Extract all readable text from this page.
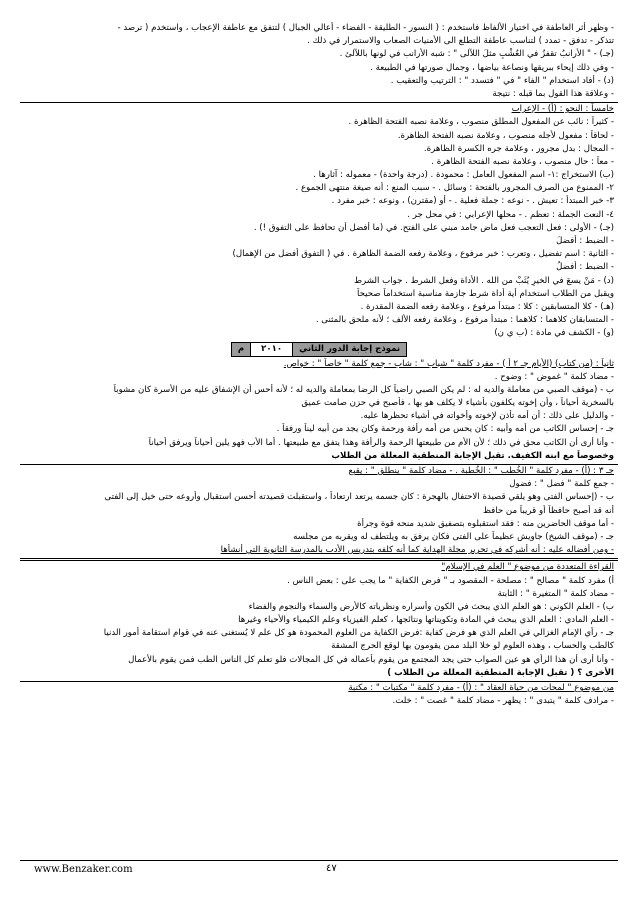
- وظهر أثر العاطفة في اختيار الألفاظ فاستخدم : ( النسور - الطليقة - الفضاء - أعالي الجبال ) لتتفق مع عاطفة الإعجاب ، واستخدم ( ترصد -
تتذكر - تدفق - تمدد ) لتناسب عاطفة التطلع الى الأمنيات الصعاب والاستمرار في ذلك .
(جـ) - " الأرانبُ تقفزُ في العُشْبِ مثلَ اللآلى " : شبه الأرانب في لونها باللآلئ .
- وفي ذلك إيحاء ببريقها ونصاعة بياضها ، وجمال صورتها في الطبيعة .
(د) - أفاد استخدام " الفاء " في " فتسدد " : الترتيب والتعقيب .
- وعلاقة هذا القول بما قبله : نتيجة
خامساً : النحو : (أ) - الإعراب
- كثيراً : نائب عن المفعول المطلق منصوب ، وعلامة نصبه الفتحة الظاهرة .
- لحاقاً : مفعول لأجله منصوب ، وعلامة نصبه الفتحة الظاهرة.
- المجال : بدل مجرور ، وعلامة جره الكسرة الظاهرة.
- معاً : حال منصوب ، وعلامة نصبه الفتحة الظاهرة .
(ب) الاستخراج :١- اسم المفعول العامل : محمودة . (درجة واحدة) - معموله : آثارها .
٢- الممنوع من الصرف المجرور بالفتحة : وسائل . - سبب المنع : أنه صيغة منتهى الجموع .
٣- خبر المبتدأ : تعيش . - نوعه : جملة فعلية . - أو (مقترن) ، ونوعه : خبر مفرد .
٤- النعت الجملة : تعظم . - محلها الإعرابي : في محل جر .
(جـ) - الأولى : فعل التعجب فعل ماض جامد مبني على الفتح. في (ما أفضل أن تحافظ على التفوق !) .
- الضبط : أفضلَ
- الثانية : اسم تفضيل ، وتعرب : خبر مرفوع ، وعلامة رفعه الضمة الظاهرة . في ( التفوق أفضل من الإهمال)
- الضبط : أفضلُ
(د) - مَنْ يسعَ في الخيرِ يُثَبْ من الله . الأداة وفعل الشرط . جواب الشرط
ويقبل من الطلاب استخدام أية أداة شرط جازمة مناسبة استخداماً صحيحاً
(هـ) - كلا المتسابقين : كلا : مبتدأ مرفوع ، وعلامة رفعه الضمة المقدرة .
- المتسابقان كلاهما : كلاهما : مبتدأ مرفوع ، وعلامة رفعه الألف ؛ لأنه ملحق بالمثنى .
(و) - الكشف في مادة : (ب ي ن)
نموذج إجابة الدور الثاني
٢٠١٠
م
ثانياً : (من كتاب) (الأيام جـ ٢ أ ) - مفرد كلمة " شباب " : شاب - جمع كلمة " خاصاً " : خواص.
- مضاد كلمة " غموض " : وضوح .
ب - (موقف الصبي من معاملة والديه له : لم يكن الصبي راضياً كل الرضا بمعاملة والديه له ؛ لأنه أحس أن الإشفاق عليه من الأسرة كان مشوباً
بالسخرية أحياناً ، وأن إخوته يكلفون بأشياء لا يكلف هو بها ، فأصبح في حزن صامت عميق
- والدليل على ذلك : أن أمه تأذن لإخوته وأخواته في أشياء تحظرها عليه.
جـ - إحساس الكاتب من أمه وأبيه : كان يحس من أمه رأفة ورحمة وكان يجد من أبيه ليناً ورفقاً .
- وأنا أرى أن الكاتب محق في ذلك ؛ لأن الأم من طبيعتها الرحمة والرأفة وهذا يتفق مع طبيعتها . أما الأب فهو يلين أحياناً ويرفق أحياناً
وخصوصاً مع ابنه الكفيف. تقبل الإجابة المنطقية المعللة من الطلاب
جـ ٣ : (أ) - مفرد كلمة " الخُطب " : الخُطبة . - مضاد كلمة " ينطلق " : يقبع
- جمع كلمة " فضل " : فضول
ب - (إحساس الفتى وهو يلقي قصيدة الاحتفال بالهجرة : كان جسمه يرتعد ارتعاداً ، واستقبلت قصيدته أحسن استقبال وأروعه حتى خيل إلى الفتى
أنه قد أصبح حافظاً أو قريباً من حافظ
- أما موقف الحاضرين منه : فقد استقبلوه بتصفيق شديد منحه قوة وجرأة
جـ - (موقف الشيخ) جاويش عظيماً على الفتى فكان يرفق به ويلتطف له ويقربه من مجلسه
- ومن أفضاله عليه : أنه أشركه في تحرير مجلة الهداية كما أنه كلفه بتدريس الأدب بالمدرسة الثانوية التي أنشأها
القراءة المتعددة من موضوع " العلم في الإسلام"
أ) مفرد كلمة " مصالح " : مصلحة - المقصود بـ " فرض الكفاية " ما يجب على : بعض الناس .
- مضاد كلمة " المتغيرة " : الثابتة
ب) - العلم الكوني : هو العلم الذي يبحث في الكون وأسراره ونظرياته كالأرض والسماء والنجوم والفضاء
- العلم المادي : العلم الذي يبحث في المادة وتكويناتها ونتائجها ، كعلم الفيزياء وعلم الكيمياء والأحياء وغيرها
جـ - رأي الإمام الغزالي في العلم الذي هو فرض كفاية :فرض الكفاية من العلوم المحمودة هو كل علم لا يُستغنى عنه في قوام استقامة أمور الدنيا
كالطب والحساب ، وهذه العلوم لو خلا البلد ممن يقومون بها لوقع الحرج المشقة
- وأنا أرى أن هذا الرأي هو عين الصواب حتى يجد المجتمع من يقوم بأعماله في كل المجالات فلو تعلم كل الناس الطب فمن يقوم بالأعمال
الأخرى ؟ ( تقبل الإجابة المنطقية المعللة من الطلاب )
من موضوع " لمحات من حياة العقاد " : (أ) - مفرد كلمة " مكتبات " : مكتبة
- مرادف كلمة " يتبدى " : يظهر - مضاد كلمة " غصت " : خلت.
www.Benzaker.com	٤٧
